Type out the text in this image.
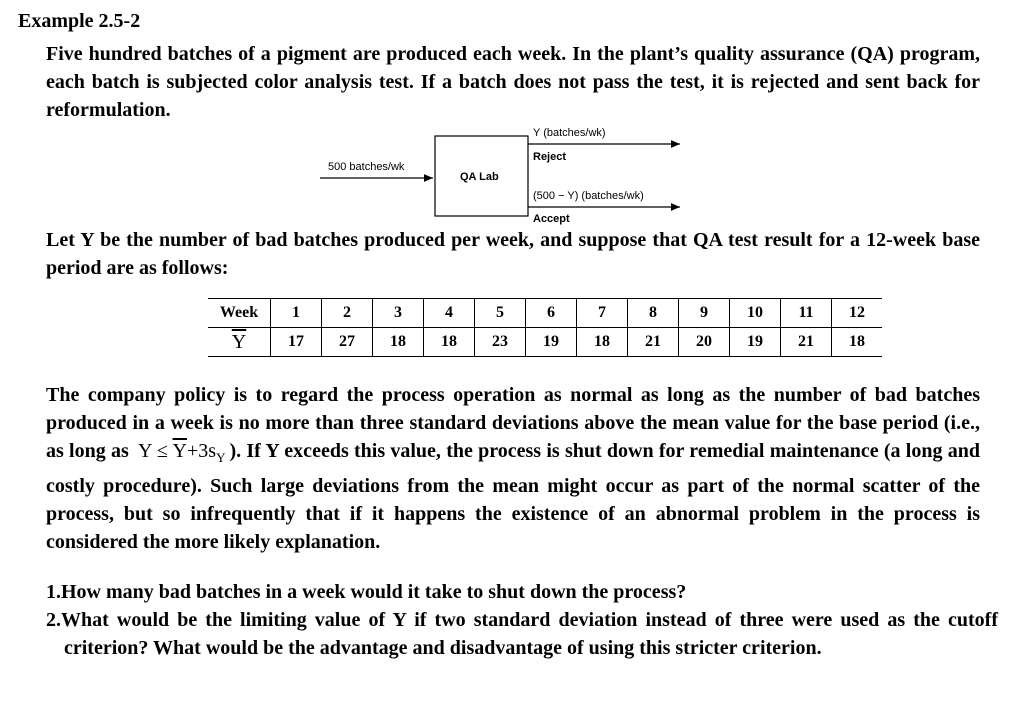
Example 2.5-2
Five hundred batches of a pigment are produced each week. In the plant’s quality assurance (QA) program, each batch is subjected color analysis test. If a batch does not pass the test, it is rejected and sent back for reformulation.
500 batches/wk
QA Lab
Y (batches/wk)
Reject
(500 − Y) (batches/wk)
Accept
Let Y be the number of bad batches produced per week, and suppose that QA test result for a 12-week base period are as follows:
Week	1	2	3	4	5	6	7	8	9	10	11	12
$\overline{Y}$	17	27	18	18	23	19	18	21	20	19	21	18
The company policy is to regard the process operation as normal as long as the number of bad batches produced in a week is no more than three standard deviations above the mean value for the base period (i.e., as long as $Y \le \overline{Y}+3s_Y$ ). If Y exceeds this value, the process is shut down for remedial maintenance (a long and costly procedure). Such large deviations from the mean might occur as part of the normal scatter of the process, but so infrequently that if it happens the existence of an abnormal problem in the process is considered the more likely explanation.
1.How many bad batches in a week would it take to shut down the process?
2.What would be the limiting value of Y if two standard deviation instead of three were used as the cutoff criterion? What would be the advantage and disadvantage of using this stricter criterion.
